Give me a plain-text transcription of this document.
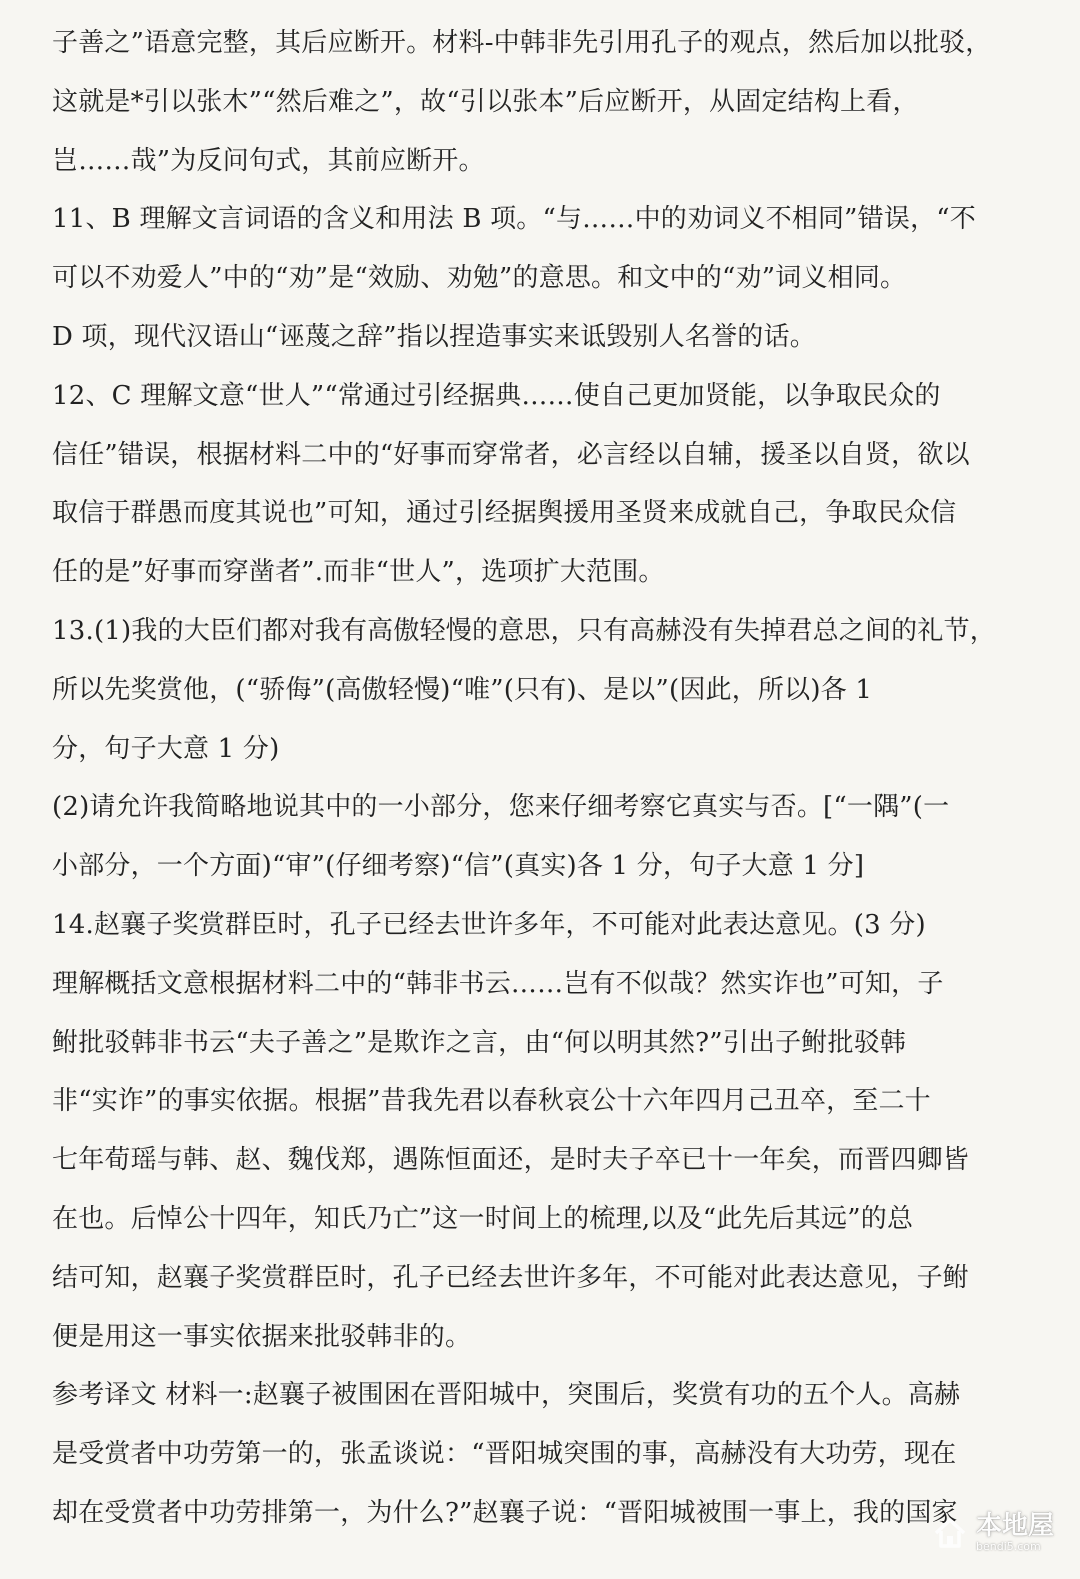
子善之”语意完整，其后应断开。材料-中韩非先引用孔子的观点，然后加以批驳，
这就是*引以张木”“然后难之”，故“引以张本”后应断开，从固定结构上看，
岂……哉”为反问句式，其前应断开。
11、B 理解文言词语的含义和用法 B 项。“与……中的劝词义不相同”错误，“不
可以不劝爱人”中的“劝”是“效励、劝勉”的意思。和文中的“劝”词义相同。
D 项，现代汉语山“诬蔑之辞”指以捏造事实来诋毁别人名誉的话。
12、C 理解文意“世人”“常通过引经据典……使自己更加贤能，以争取民众的
信任”错误，根据材料二中的“好事而穿常者，必言经以自辅，援圣以自贤，欲以
取信于群愚而度其说也”可知，通过引经据舆援用圣贤来成就自己，争取民众信
任的是”好事而穿凿者”.而非“世人”，选项扩大范围。
13.(1)我的大臣们都对我有高傲轻慢的意思，只有高赫没有失掉君总之间的礼节，
所以先奖赏他，(“骄侮”(高傲轻慢)“唯”(只有)、是以”(因此，所以)各 1
分，句子大意 1 分)
(2)请允许我简略地说其中的一小部分，您来仔细考察它真实与否。[“一隅”(一
小部分，一个方面)“审”(仔细考察)“信”(真实)各 1 分，句子大意 1 分]
14.赵襄子奖赏群臣时，孔子已经去世许多年，不可能对此表达意见。(3 分)
理解概括文意根据材料二中的“韩非书云……岂有不似哉？然实诈也”可知，子
鲋批驳韩非书云“夫子善之”是欺诈之言，由“何以明其然?”引出子鲋批驳韩
非“实诈”的事实依据。根据”昔我先君以春秋哀公十六年四月己丑卒，至二十
七年荀瑶与韩、赵、魏伐郑，遇陈恒面还，是时夫子卒已十一年矣，而晋四卿皆
在也。后悼公十四年，知氏乃亡”这一时间上的梳理,以及“此先后其远”的总
结可知，赵襄子奖赏群臣时，孔子已经去世许多年，不可能对此表达意见，子鲋
便是用这一事实依据来批驳韩非的。
参考译文 材料一:赵襄子被围困在晋阳城中，突围后，奖赏有功的五个人。高赫
是受赏者中功劳第一的，张孟谈说：“晋阳城突围的事，高赫没有大功劳，现在
却在受赏者中功劳排第一，为什么?”赵襄子说：“晋阳城被围一事上，我的国家 本地屋
bendi5.com
